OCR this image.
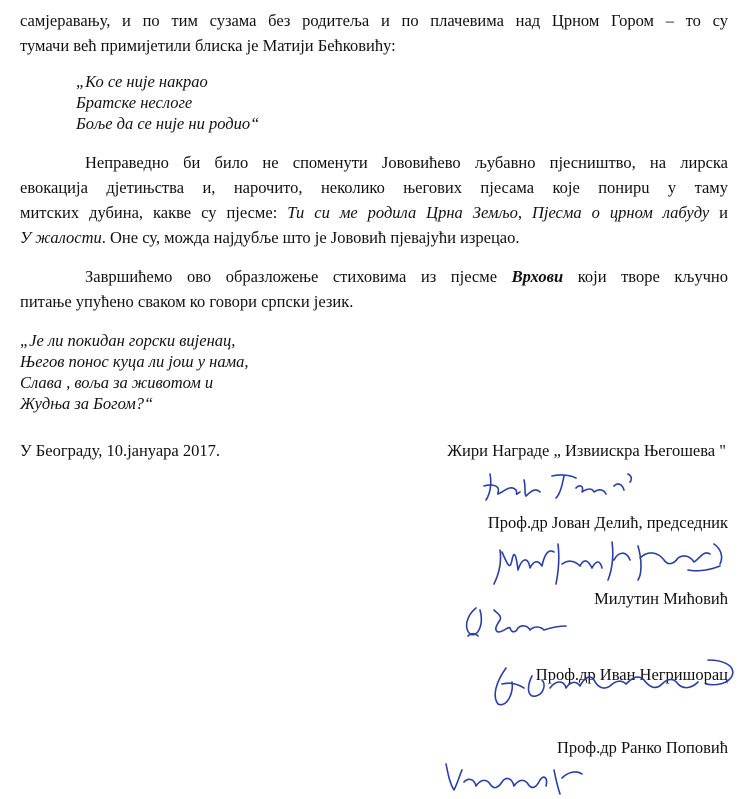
самјеравању, и по тим сузама без родитеља и по плачевима над Црном Гором – то су
тумачи већ примијетили блиска је Матији Бећковићу:

„Ко се није накрао
Братске неслоге
Боље да се није ни родио“

Неправедно би било не споменути Јововићево љубавно пјесништво, на лирска
евокација дјетињства и, нарочито, неколико његових пјесама које понирu у таму
митских дубина, какве су пјесме: Ти си ме родила Црна Земљо, Пјесма о црном лабуду и
У жалости. Оне су, можда најдубље што је Јововић пјевајући изрецао.

Завршићемо ово образложење стиховима из пјесме Врхови који творе кључно
питање упућено сваком ко говори српски језик.

„Је ли покидан горски вијенац,
Његов понос куца ли још у нама,
Слава , воља за животом и
Жудња за Богом?“
У Београду, 10.јануара 2017.	Жири Награде „ Извиискра Његошева "
Проф.др Јован Делић, председник
Милутин Мићовић
Проф.др Иван Негришорац
Проф.др Ранко Поповић
